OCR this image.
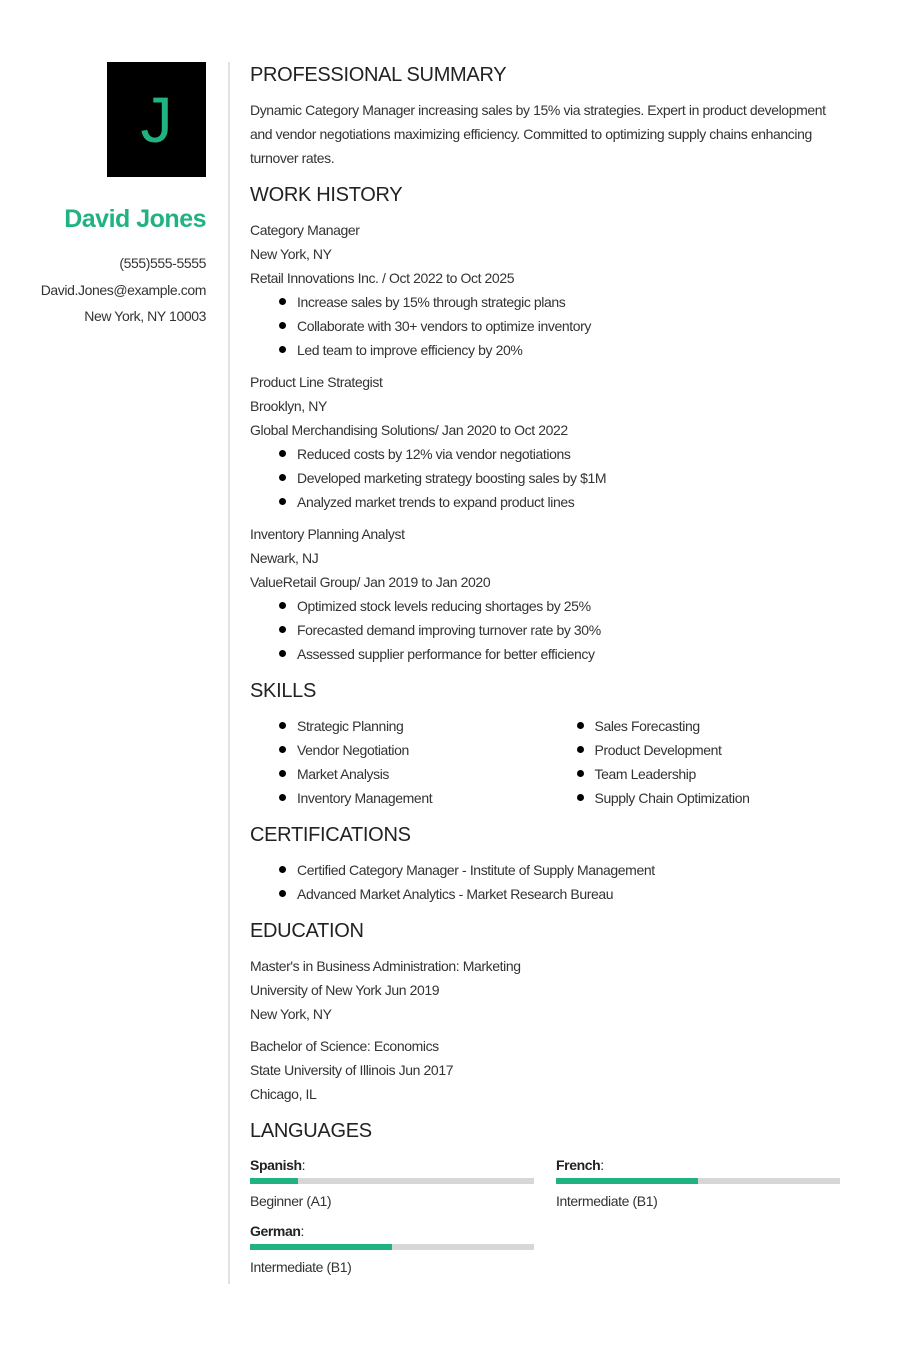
J
David Jones
(555)555-5555
David.Jones@example.com
New York, NY 10003
PROFESSIONAL SUMMARY
Dynamic Category Manager increasing sales by 15% via strategies. Expert in product development and vendor negotiations maximizing efficiency. Committed to optimizing supply chains enhancing turnover rates.
WORK HISTORY
Category Manager
New York, NY
Retail Innovations Inc. / Oct 2022 to Oct 2025
Increase sales by 15% through strategic plans
Collaborate with 30+ vendors to optimize inventory
Led team to improve efficiency by 20%
Product Line Strategist
Brooklyn, NY
Global Merchandising Solutions/ Jan 2020 to Oct 2022
Reduced costs by 12% via vendor negotiations
Developed marketing strategy boosting sales by $1M
Analyzed market trends to expand product lines
Inventory Planning Analyst
Newark, NJ
ValueRetail Group/ Jan 2019 to Jan 2020
Optimized stock levels reducing shortages by 25%
Forecasted demand improving turnover rate by 30%
Assessed supplier performance for better efficiency
SKILLS
Strategic Planning
Vendor Negotiation
Market Analysis
Inventory Management
Sales Forecasting
Product Development
Team Leadership
Supply Chain Optimization
CERTIFICATIONS
Certified Category Manager - Institute of Supply Management
Advanced Market Analytics - Market Research Bureau
EDUCATION
Master's in Business Administration: Marketing
University of New York Jun 2019
New York, NY
Bachelor of Science: Economics
State University of Illinois Jun 2017
Chicago, IL
LANGUAGES
Spanish:
Beginner (A1)
French:
Intermediate (B1)
German:
Intermediate (B1)
